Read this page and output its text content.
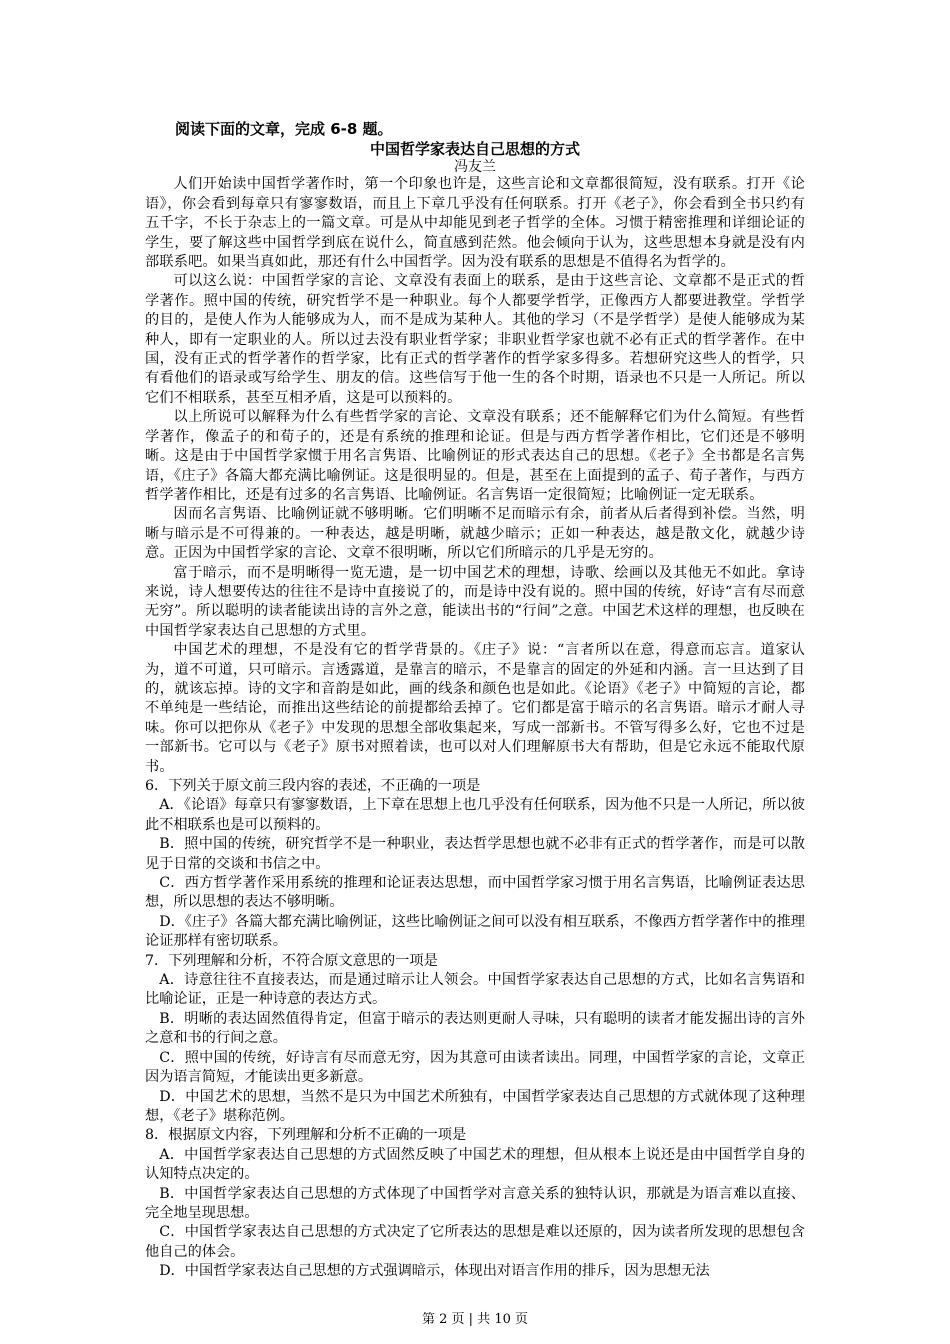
阅读下面的文章，完成 6-8 题。

中国哲学家表达自己思想的方式

冯友兰

人们开始读中国哲学著作时，第一个印象也许是，这些言论和文章都很简短，没有联系。打开《论语》，你会看到每章只有寥寥数语，而且上下章几乎没有任何联系。打开《老子》，你会看到全书只约有五千字，不长于杂志上的一篇文章。可是从中却能见到老子哲学的全体。习惯于精密推理和详细论证的学生，要了解这些中国哲学到底在说什么，简直感到茫然。他会倾向于认为，这些思想本身就是没有内部联系吧。如果当真如此，那还有什么中国哲学。因为没有联系的思想是不值得名为哲学的。

可以这么说：中国哲学家的言论、文章没有表面上的联系，是由于这些言论、文章都不是正式的哲学著作。照中国的传统，研究哲学不是一种职业。每个人都要学哲学，正像西方人都要进教堂。学哲学的目的，是使人作为人能够成为人，而不是成为某种人。其他的学习（不是学哲学）是使人能够成为某种人，即有一定职业的人。所以过去没有职业哲学家；非职业哲学家也就不必有正式的哲学著作。在中国，没有正式的哲学著作的哲学家，比有正式的哲学著作的哲学家多得多。若想研究这些人的哲学，只有看他们的语录或写给学生、朋友的信。这些信写于他一生的各个时期，语录也不只是一人所记。所以它们不相联系，甚至互相矛盾，这是可以预料的。

以上所说可以解释为什么有些哲学家的言论、文章没有联系；还不能解释它们为什么简短。有些哲学著作，像孟子的和荀子的，还是有系统的推理和论证。但是与西方哲学著作相比，它们还是不够明晰。这是由于中国哲学家惯于用名言隽语、比喻例证的形式表达自己的思想。《老子》全书都是名言隽语，《庄子》各篇大都充满比喻例证。这是很明显的。但是，甚至在上面提到的孟子、荀子著作，与西方哲学著作相比，还是有过多的名言隽语、比喻例证。名言隽语一定很简短；比喻例证一定无联系。

因而名言隽语、比喻例证就不够明晰。它们明晰不足而暗示有余，前者从后者得到补偿。当然，明晰与暗示是不可得兼的。一种表达，越是明晰，就越少暗示；正如一种表达，越是散文化，就越少诗意。正因为中国哲学家的言论、文章不很明晰，所以它们所暗示的几乎是无穷的。

富于暗示，而不是明晰得一览无遗，是一切中国艺术的理想，诗歌、绘画以及其他无不如此。拿诗来说，诗人想要传达的往往不是诗中直接说了的，而是诗中没有说的。照中国的传统，好诗“言有尽而意无穷”。所以聪明的读者能读出诗的言外之意，能读出书的“行间”之意。中国艺术这样的理想，也反映在中国哲学家表达自己思想的方式里。

中国艺术的理想，不是没有它的哲学背景的。《庄子》说：“言者所以在意，得意而忘言。道家认为，道不可道，只可暗示。言透露道，是靠言的暗示，不是靠言的固定的外延和内涵。言一旦达到了目的，就该忘掉。诗的文字和音韵是如此，画的线条和颜色也是如此。《论语》《老子》中简短的言论，都不单纯是一些结论，而推出这些结论的前提都给丢掉了。它们都是富于暗示的名言隽语。暗示才耐人寻味。你可以把你从《老子》中发现的思想全部收集起来，写成一部新书。不管写得多么好，它也不过是一部新书。它可以与《老子》原书对照着读，也可以对人们理解原书大有帮助，但是它永远不能取代原书。

6．下列关于原文前三段内容的表述，不正确的一项是

A．《论语》每章只有寥寥数语，上下章在思想上也几乎没有任何联系，因为他不只是一人所记，所以彼此不相联系也是可以预料的。

B．照中国的传统，研究哲学不是一种职业，表达哲学思想也就不必非有正式的哲学著作，而是可以散见于日常的交谈和书信之中。

C．西方哲学著作采用系统的推理和论证表达思想，而中国哲学家习惯于用名言隽语，比喻例证表达思想，所以思想的表达不够明晰。

D．《庄子》各篇大都充满比喻例证，这些比喻例证之间可以没有相互联系，不像西方哲学著作中的推理论证那样有密切联系。

7．下列理解和分析，不符合原文意思的一项是

A．诗意往往不直接表达，而是通过暗示让人领会。中国哲学家表达自己思想的方式，比如名言隽语和比喻论证，正是一种诗意的表达方式。

B．明晰的表达固然值得肯定，但富于暗示的表达则更耐人寻味，只有聪明的读者才能发掘出诗的言外之意和书的行间之意。

C．照中国的传统，好诗言有尽而意无穷，因为其意可由读者读出。同理，中国哲学家的言论，文章正因为语言简短，才能读出更多新意。

D．中国艺术的思想，当然不是只为中国艺术所独有，中国哲学家表达自己思想的方式就体现了这种理想，《老子》堪称范例。

8．根据原文内容，下列理解和分析不正确的一项是

A．中国哲学家表达自己思想的方式固然反映了中国艺术的理想，但从根本上说还是由中国哲学自身的认知特点决定的。

B．中国哲学家表达自己思想的方式体现了中国哲学对言意关系的独特认识，那就是为语言难以直接、完全地呈现思想。

C．中国哲学家表达自己思想的方式决定了它所表达的思想是难以还原的，因为读者所发现的思想包含他自己的体会。

D．中国哲学家表达自己思想的方式强调暗示，体现出对语言作用的排斥，因为思想无法

第 2 页 | 共 10 页
